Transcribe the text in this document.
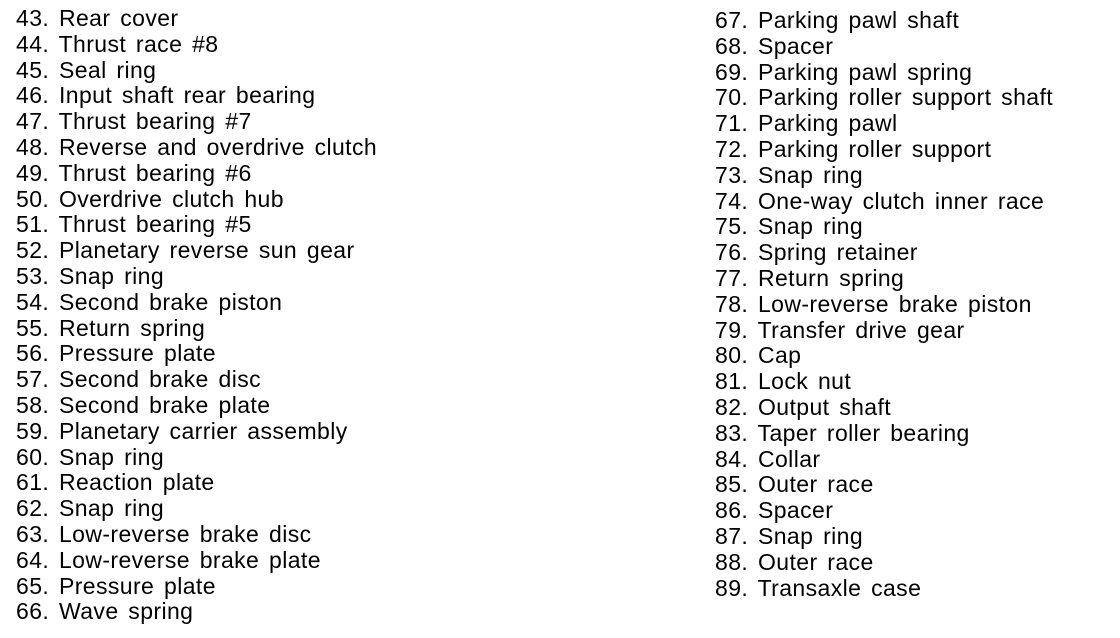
43. Rear cover
44. Thrust race #8
45. Seal ring
46. Input shaft rear bearing
47. Thrust bearing #7
48. Reverse and overdrive clutch
49. Thrust bearing #6
50. Overdrive clutch hub
51. Thrust bearing #5
52. Planetary reverse sun gear
53. Snap ring
54. Second brake piston
55. Return spring
56. Pressure plate
57. Second brake disc
58. Second brake plate
59. Planetary carrier assembly
60. Snap ring
61. Reaction plate
62. Snap ring
63. Low-reverse brake disc
64. Low-reverse brake plate
65. Pressure plate
66. Wave spring
67. Parking pawl shaft
68. Spacer
69. Parking pawl spring
70. Parking roller support shaft
71. Parking pawl
72. Parking roller support
73. Snap ring
74. One-way clutch inner race
75. Snap ring
76. Spring retainer
77. Return spring
78. Low-reverse brake piston
79. Transfer drive gear
80. Cap
81. Lock nut
82. Output shaft
83. Taper roller bearing
84. Collar
85. Outer race
86. Spacer
87. Snap ring
88. Outer race
89. Transaxle case
